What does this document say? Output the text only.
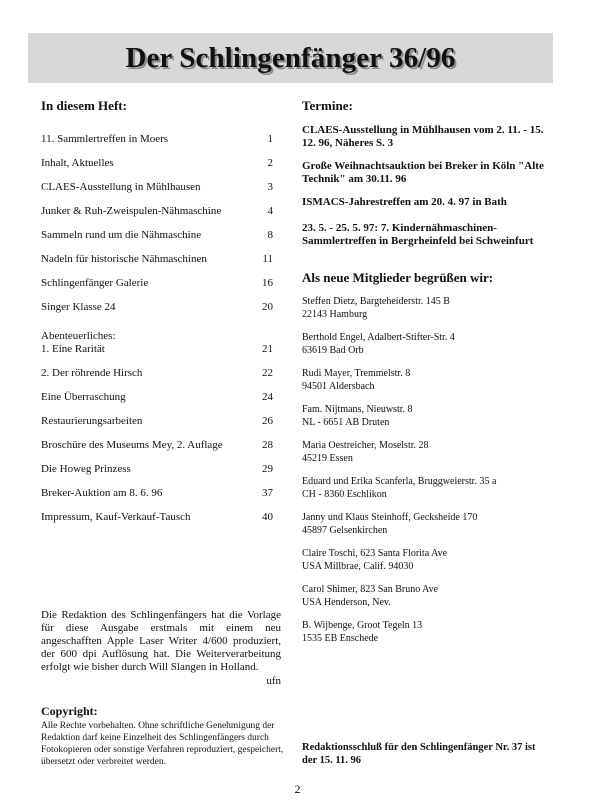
Der Schlingenfänger 36/96
In diesem Heft:
11. Sammlertreffen in Moers	1
Inhalt, Aktuelles	2
CLAES-Ausstellung in Mühlhausen	3
Junker & Ruh-Zweispulen-Nähmaschine	4
Sammeln rund um die Nähmaschine	8
Nadeln für historische Nähmaschinen	11
Schlingenfänger Galerie	16
Singer Klasse 24	20
Abenteuerliches:
1. Eine Rarität	21
2. Der röhrende Hirsch	22
Eine Überraschung	24
Restaurierungsarbeiten	26
Broschüre des Museums Mey, 2. Auflage	28
Die Howeg Prinzess	29
Breker-Auktion am 8. 6. 96	37
Impressum, Kauf-Verkauf-Tausch	40
Die Redaktion des Schlingenfängers hat die Vorlage für diese Ausgabe erstmals mit einem neu angeschafften Apple Laser Writer 4/600 produziert, der 600 dpi Auflösung hat. Die Weiterverarbeitung erfolgt wie bisher durch Will Slangen in Holland.
ufn
Copyright:
Alle Rechte vorbehalten. Ohne schriftliche Genehmigung der Redaktion darf keine Einzelheit des Schlingenfängers durch Fotokopieren oder sonstige Verfahren reproduziert, gespeichert, übersetzt oder verbreitet werden.
Termine:
CLAES-Ausstellung in Mühlhausen vom 2. 11. - 15. 12. 96, Näheres S. 3
Große Weihnachtsauktion bei Breker in Köln "Alte Technik" am 30.11. 96
ISMACS-Jahrestreffen am 20. 4. 97 in Bath
23. 5. - 25. 5. 97: 7. Kindernähmaschinen-Sammlertreffen in Bergrheinfeld bei Schweinfurt
Als neue Mitglieder begrüßen wir:
Steffen Dietz, Bargteheiderstr. 145 B
22143 Hamburg
Berthold Engel, Adalbert-Stifter-Str. 4
63619 Bad Orb
Rudi Mayer, Tremmelstr. 8
94501 Aldersbach
Fam. Nijtmans, Nieuwstr. 8
NL - 6651 AB Druten
Maria Oestreicher, Moselstr. 28
45219 Essen
Eduard und Erika Scanferla, Bruggweierstr. 35 a
CH - 8360 Eschlikon
Janny und Klaus Steinhoff, Gecksheide 170
45897 Gelsenkirchen
Claire Toschi, 623 Santa Florita Ave
USA Millbrae, Calif. 94030
Carol Shimer, 823 San Bruno Ave
USA Henderson, Nev.
B. Wijbenge, Groot Tegeln 13
1535 EB Enschede
Redaktionsschluß für den Schlingenfänger Nr. 37 ist der 15. 11. 96
2
